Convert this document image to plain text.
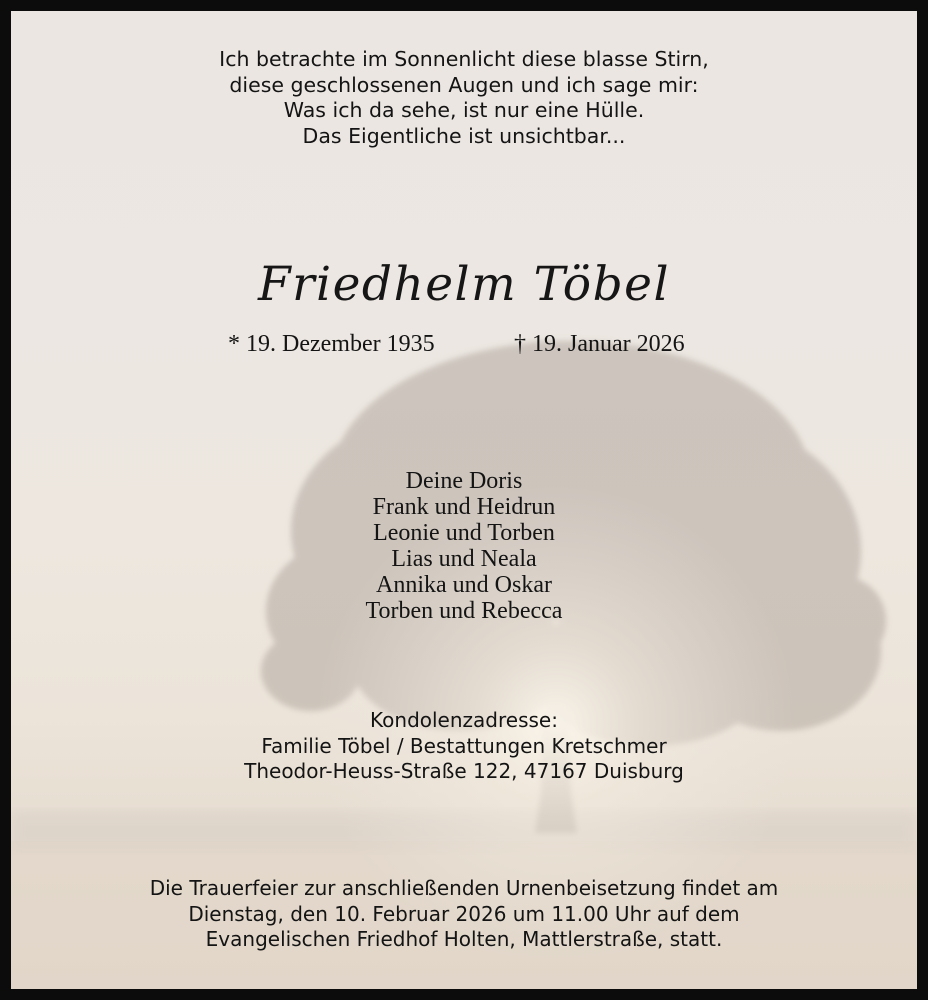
Ich betrachte im Sonnenlicht diese blasse Stirn,
diese geschlossenen Augen und ich sage mir:
Was ich da sehe, ist nur eine Hülle.
Das Eigentliche ist unsichtbar...
Friedhelm Töbel
* 19. Dezember 1935	† 19. Januar 2026
Deine Doris
Frank und Heidrun
Leonie und Torben
Lias und Neala
Annika und Oskar
Torben und Rebecca
Kondolenzadresse:
Familie Töbel / Bestattungen Kretschmer
Theodor-Heuss-Straße 122, 47167 Duisburg
Die Trauerfeier zur anschließenden Urnenbeisetzung findet am
Dienstag, den 10. Februar 2026 um 11.00 Uhr auf dem
Evangelischen Friedhof Holten, Mattlerstraße, statt.
